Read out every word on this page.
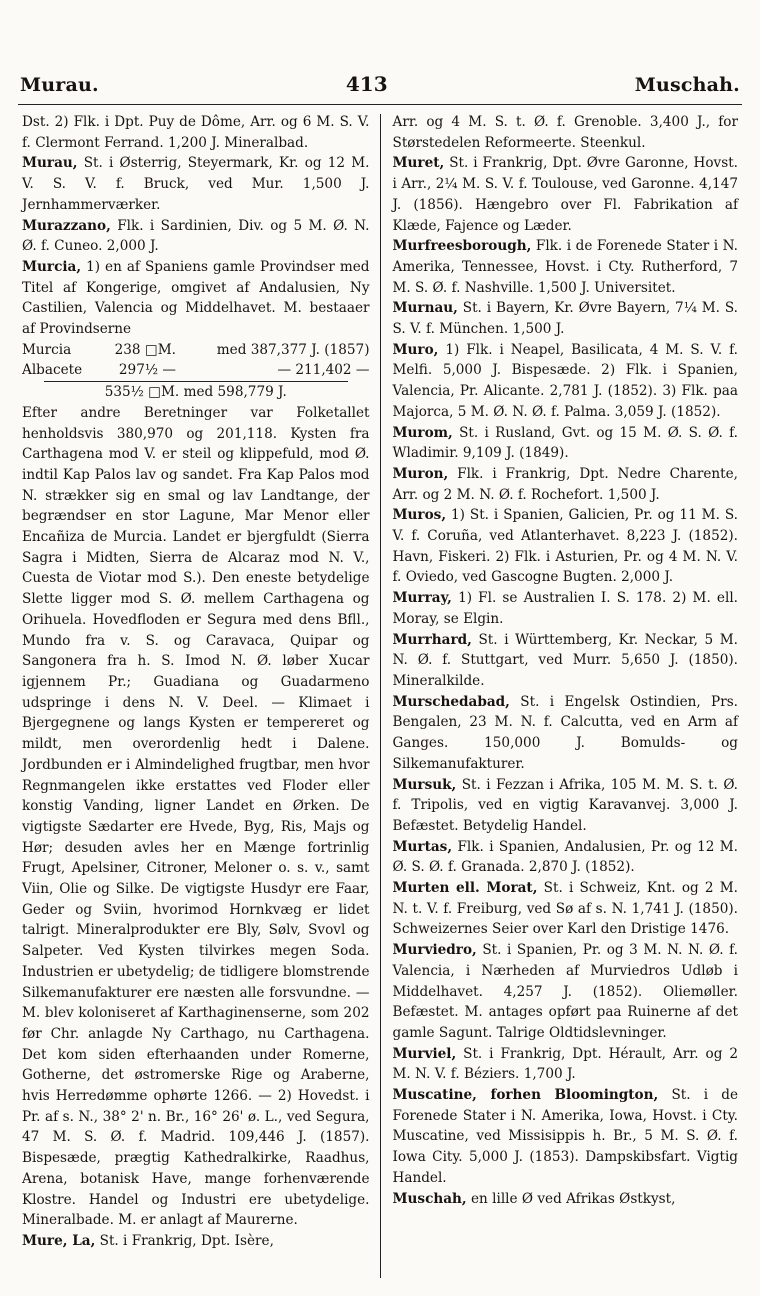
Murau.	413	Muschah.

Dst. 2) Flk. i Dpt. Puy de Dôme, Arr. og 6 M. S. V. f. Clermont Ferrand. 1,200 J. Mineralbad.

Murau, St. i Østerrig, Steyermark, Kr. og 12 M. V. S. V. f. Bruck, ved Mur. 1,500 J. Jernhammerværker.

Murazzano, Flk. i Sardinien, Div. og 5 M. Ø. N. Ø. f. Cuneo. 2,000 J.

Murcia, 1) en af Spaniens gamle Provindser med Titel af Kongerige, omgivet af Andalusien, Ny Castilien, Valencia og Middelhavet. M. bestaaer af Provindserne

Murcia	238 □M.	med 387,377 J. (1857)
Albacete	297½ —	— 211,402 —
535½ □M. med 598,779 J.

Efter andre Beretninger var Folketallet henholdsvis 380,970 og 201,118. Kysten fra Carthagena mod V. er steil og klippefuld, mod Ø. indtil Kap Palos lav og sandet. Fra Kap Palos mod N. strækker sig en smal og lav Landtange, der begrændser en stor Lagune, Mar Menor eller Encañiza de Murcia. Landet er bjergfuldt (Sierra Sagra i Midten, Sierra de Alcaraz mod N. V., Cuesta de Viotar mod S.). Den eneste betydelige Slette ligger mod S. Ø. mellem Carthagena og Orihuela. Hovedfloden er Segura med dens Bfll., Mundo fra v. S. og Caravaca, Quipar og Sangonera fra h. S. Imod N. Ø. løber Xucar igjennem Pr.; Guadiana og Guadarmeno udspringe i dens N. V. Deel. — Klimaet i Bjergegnene og langs Kysten er tempereret og mildt, men overordenlig hedt i Dalene. Jordbunden er i Almindelighed frugtbar, men hvor Regnmangelen ikke erstattes ved Floder eller konstig Vanding, ligner Landet en Ørken. De vigtigste Sædarter ere Hvede, Byg, Ris, Majs og Hør; desuden avles her en Mænge fortrinlig Frugt, Apelsiner, Citroner, Meloner o. s. v., samt Viin, Olie og Silke. De vigtigste Husdyr ere Faar, Geder og Sviin, hvorimod Hornkvæg er lidet talrigt. Mineralprodukter ere Bly, Sølv, Svovl og Salpeter. Ved Kysten tilvirkes megen Soda. Industrien er ubetydelig; de tidligere blomstrende Silkemanufakturer ere næsten alle forsvundne. — M. blev koloniseret af Karthaginenserne, som 202 før Chr. anlagde Ny Carthago, nu Carthagena. Det kom siden efterhaanden under Romerne, Gotherne, det østromerske Rige og Araberne, hvis Herredømme ophørte 1266. — 2) Hovedst. i Pr. af s. N., 38° 2' n. Br., 16° 26' ø. L., ved Segura, 47 M. S. Ø. f. Madrid. 109,446 J. (1857). Bispesæde, prægtig Kathedralkirke, Raadhus, Arena, botanisk Have, mange forhenværende Klostre. Handel og Industri ere ubetydelige. Mineralbade. M. er anlagt af Maurerne.

Mure, La, St. i Frankrig, Dpt. Isère,

Arr. og 4 M. S. t. Ø. f. Grenoble. 3,400 J., for Størstedelen Reformeerte. Steenkul.

Muret, St. i Frankrig, Dpt. Øvre Garonne, Hovst. i Arr., 2¼ M. S. V. f. Toulouse, ved Garonne. 4,147 J. (1856). Hængebro over Fl. Fabrikation af Klæde, Fajence og Læder.

Murfreesborough, Flk. i de Forenede Stater i N. Amerika, Tennessee, Hovst. i Cty. Rutherford, 7 M. S. Ø. f. Nashville. 1,500 J. Universitet.

Murnau, St. i Bayern, Kr. Øvre Bayern, 7¼ M. S. S. V. f. München. 1,500 J.

Muro, 1) Flk. i Neapel, Basilicata, 4 M. S. V. f. Melfi. 5,000 J. Bispesæde. 2) Flk. i Spanien, Valencia, Pr. Alicante. 2,781 J. (1852). 3) Flk. paa Majorca, 5 M. Ø. N. Ø. f. Palma. 3,059 J. (1852).

Murom, St. i Rusland, Gvt. og 15 M. Ø. S. Ø. f. Wladimir. 9,109 J. (1849).

Muron, Flk. i Frankrig, Dpt. Nedre Charente, Arr. og 2 M. N. Ø. f. Rochefort. 1,500 J.

Muros, 1) St. i Spanien, Galicien, Pr. og 11 M. S. V. f. Coruña, ved Atlanterhavet. 8,223 J. (1852). Havn, Fiskeri. 2) Flk. i Asturien, Pr. og 4 M. N. V. f. Oviedo, ved Gascogne Bugten. 2,000 J.

Murray, 1) Fl. se Australien I. S. 178. 2) M. ell. Moray, se Elgin.

Murrhard, St. i Württemberg, Kr. Neckar, 5 M. N. Ø. f. Stuttgart, ved Murr. 5,650 J. (1850). Mineralkilde.

Murschedabad, St. i Engelsk Ostindien, Prs. Bengalen, 23 M. N. f. Calcutta, ved en Arm af Ganges. 150,000 J. Bomulds- og Silkemanufakturer.

Mursuk, St. i Fezzan i Afrika, 105 M. M. S. t. Ø. f. Tripolis, ved en vigtig Karavanvej. 3,000 J. Befæstet. Betydelig Handel.

Murtas, Flk. i Spanien, Andalusien, Pr. og 12 M. Ø. S. Ø. f. Granada. 2,870 J. (1852).

Murten ell. Morat, St. i Schweiz, Knt. og 2 M. N. t. V. f. Freiburg, ved Sø af s. N. 1,741 J. (1850). Schweizernes Seier over Karl den Dristige 1476.

Murviedro, St. i Spanien, Pr. og 3 M. N. N. Ø. f. Valencia, i Nærheden af Murviedros Udløb i Middelhavet. 4,257 J. (1852). Oliemøller. Befæstet. M. antages opført paa Ruinerne af det gamle Sagunt. Talrige Oldtidslevninger.

Murviel, St. i Frankrig, Dpt. Hérault, Arr. og 2 M. N. V. f. Béziers. 1,700 J.

Muscatine, forhen Bloomington, St. i de Forenede Stater i N. Amerika, Iowa, Hovst. i Cty. Muscatine, ved Missisippis h. Br., 5 M. S. Ø. f. Iowa City. 5,000 J. (1853). Dampskibsfart. Vigtig Handel.

Muschah, en lille Ø ved Afrikas Østkyst,
